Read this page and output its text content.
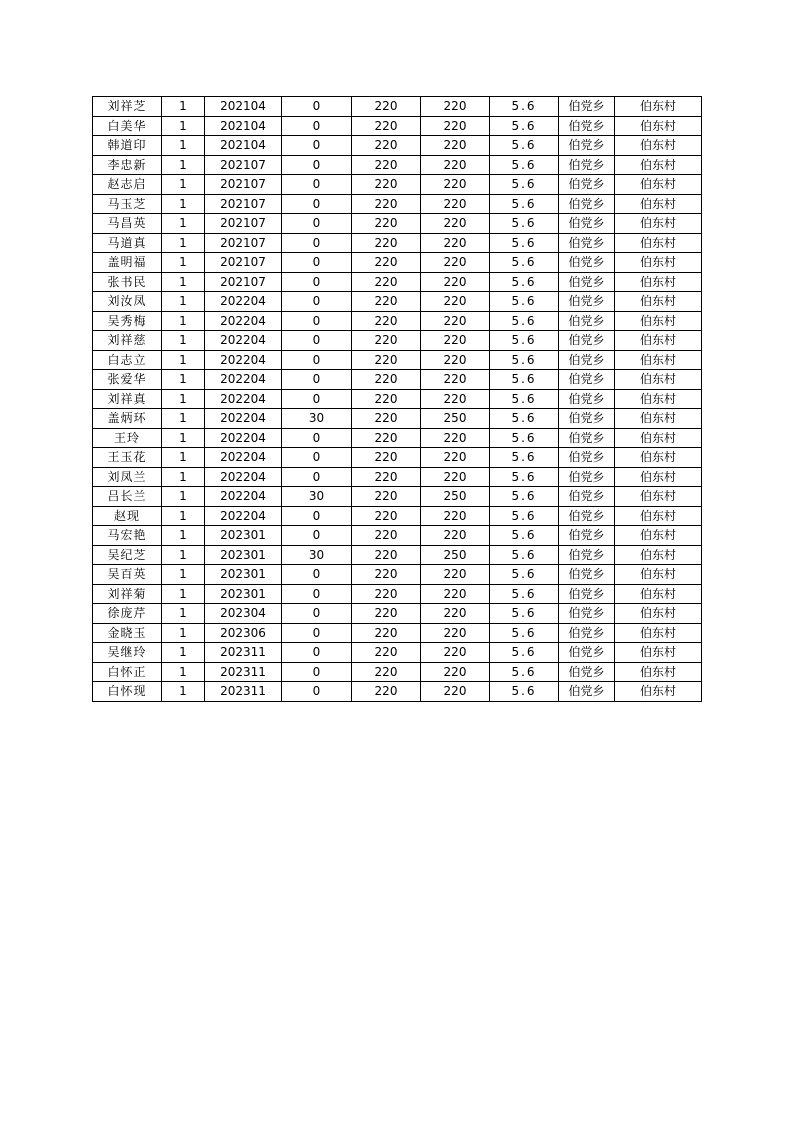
刘祥芝	1	202104	0	220	220	5.6	伯党乡	伯东村
白美华	1	202104	0	220	220	5.6	伯党乡	伯东村
韩道印	1	202104	0	220	220	5.6	伯党乡	伯东村
李忠新	1	202107	0	220	220	5.6	伯党乡	伯东村
赵志启	1	202107	0	220	220	5.6	伯党乡	伯东村
马玉芝	1	202107	0	220	220	5.6	伯党乡	伯东村
马昌英	1	202107	0	220	220	5.6	伯党乡	伯东村
马道真	1	202107	0	220	220	5.6	伯党乡	伯东村
盖明福	1	202107	0	220	220	5.6	伯党乡	伯东村
张书民	1	202107	0	220	220	5.6	伯党乡	伯东村
刘汝凤	1	202204	0	220	220	5.6	伯党乡	伯东村
吴秀梅	1	202204	0	220	220	5.6	伯党乡	伯东村
刘祥慈	1	202204	0	220	220	5.6	伯党乡	伯东村
白志立	1	202204	0	220	220	5.6	伯党乡	伯东村
张爱华	1	202204	0	220	220	5.6	伯党乡	伯东村
刘祥真	1	202204	0	220	220	5.6	伯党乡	伯东村
盖炳环	1	202204	30	220	250	5.6	伯党乡	伯东村
王玲	1	202204	0	220	220	5.6	伯党乡	伯东村
王玉花	1	202204	0	220	220	5.6	伯党乡	伯东村
刘凤兰	1	202204	0	220	220	5.6	伯党乡	伯东村
吕长兰	1	202204	30	220	250	5.6	伯党乡	伯东村
赵现	1	202204	0	220	220	5.6	伯党乡	伯东村
马宏艳	1	202301	0	220	220	5.6	伯党乡	伯东村
吴纪芝	1	202301	30	220	250	5.6	伯党乡	伯东村
吴百英	1	202301	0	220	220	5.6	伯党乡	伯东村
刘祥菊	1	202301	0	220	220	5.6	伯党乡	伯东村
徐庞芹	1	202304	0	220	220	5.6	伯党乡	伯东村
金晓玉	1	202306	0	220	220	5.6	伯党乡	伯东村
吴继玲	1	202311	0	220	220	5.6	伯党乡	伯东村
白怀正	1	202311	0	220	220	5.6	伯党乡	伯东村
白怀现	1	202311	0	220	220	5.6	伯党乡	伯东村
